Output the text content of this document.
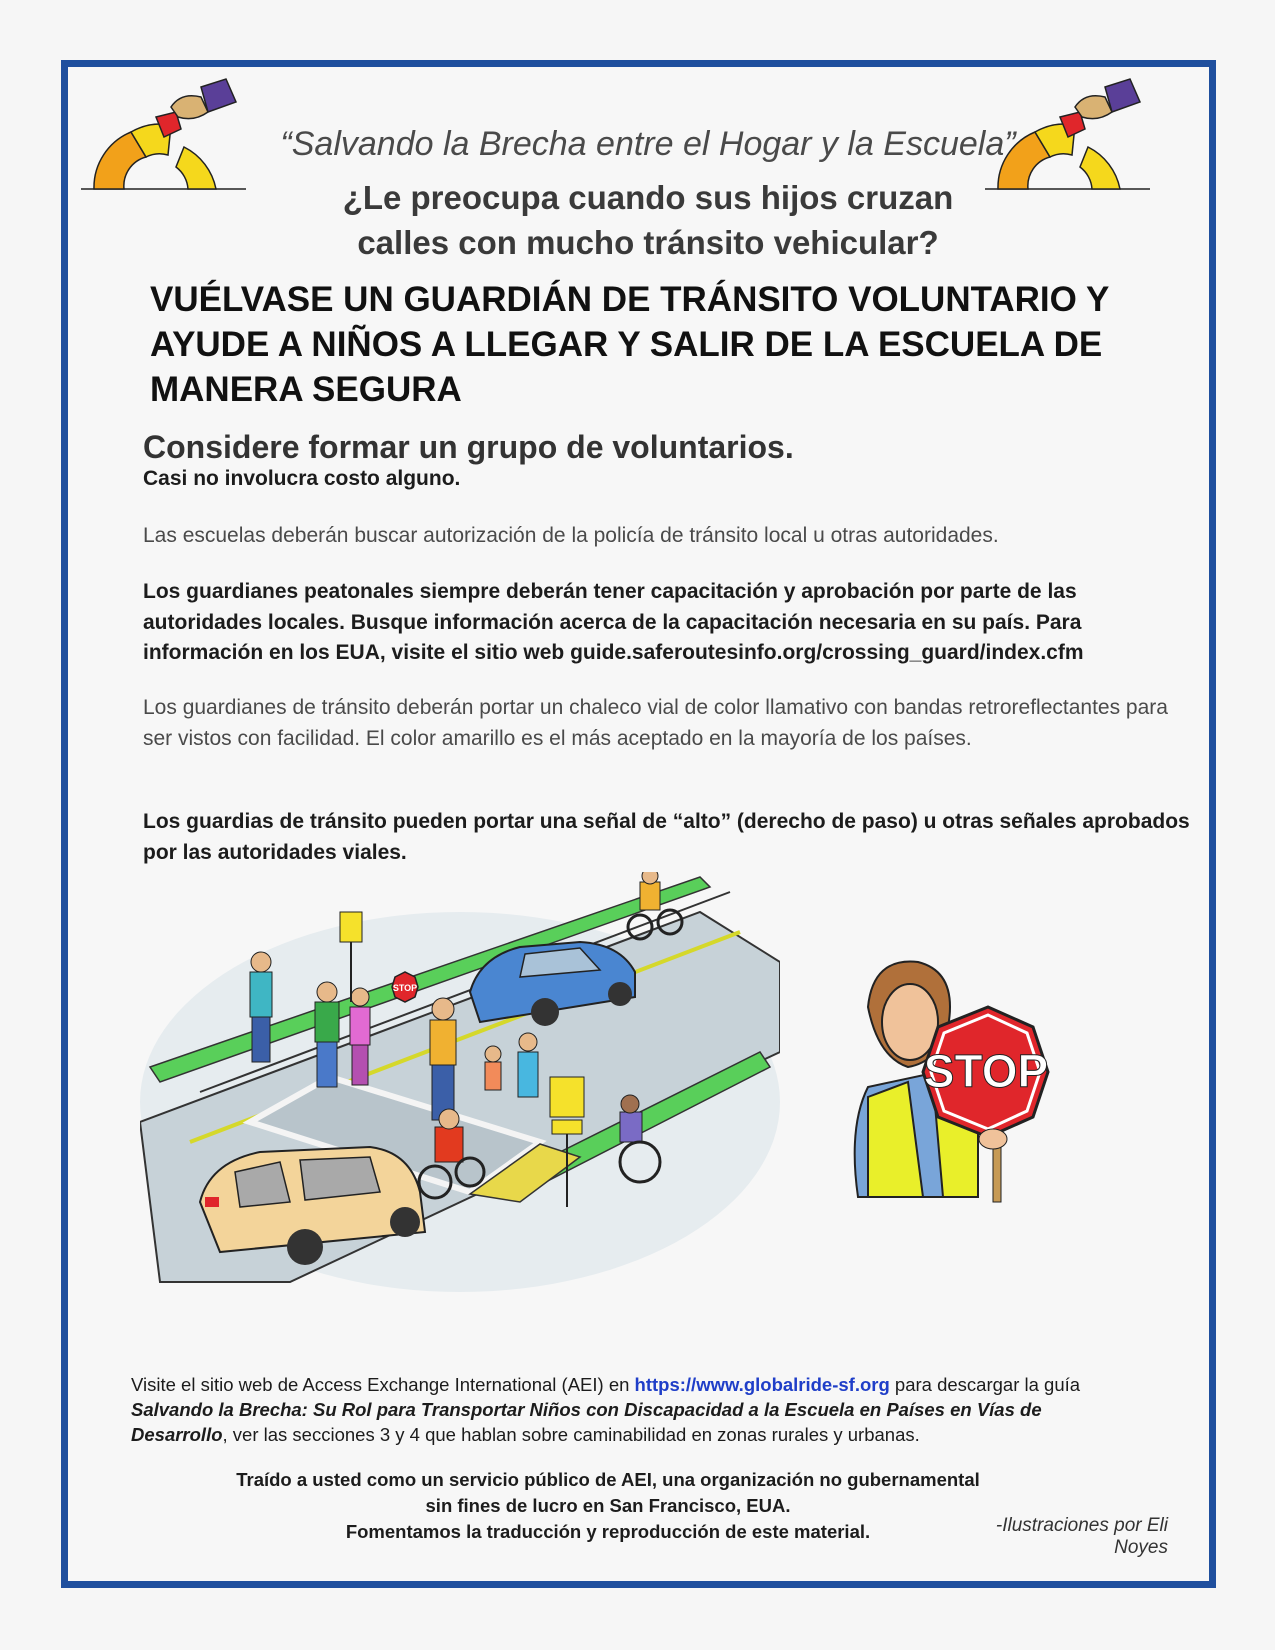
“Salvando la Brecha entre el Hogar y la Escuela”
¿Le preocupa cuando sus hijos cruzan
calles con mucho tránsito vehicular?
VUÉLVASE UN GUARDIÁN DE TRÁNSITO VOLUNTARIO Y
AYUDE A NIÑOS A LLEGAR Y SALIR DE LA ESCUELA DE
MANERA SEGURA
Considere formar un grupo de voluntarios.
Casi no involucra costo alguno.
Las escuelas deberán buscar autorización de la policía de tránsito local u otras autoridades.
Los guardianes peatonales siempre deberán tener capacitación y aprobación por parte de las autoridades locales. Busque información acerca de la capacitación necesaria en su país. Para información en los EUA, visite el sitio web guide.saferoutesinfo.org/crossing_guard/index.cfm
Los guardianes de tránsito deberán portar un chaleco vial de color llamativo con bandas retroreflectantes para ser vistos con facilidad. El color amarillo es el más aceptado en la mayoría de los países.
Los guardias de tránsito pueden portar una señal de “alto” (derecho de paso) u otras señales aprobados por las autoridades viales.
STOP
STOP
Visite el sitio web de Access Exchange International (AEI) en https://www.globalride-sf.org para descargar la guía Salvando la Brecha: Su Rol para Transportar Niños con Discapacidad a la Escuela en Países en Vías de Desarrollo, ver las secciones 3 y 4 que hablan sobre caminabilidad en zonas rurales y urbanas.
Traído a usted como un servicio público de AEI, una organización no gubernamental
sin fines de lucro en San Francisco, EUA.
Fomentamos la traducción y reproducción de este material.	-Ilustraciones por Eli Noyes
